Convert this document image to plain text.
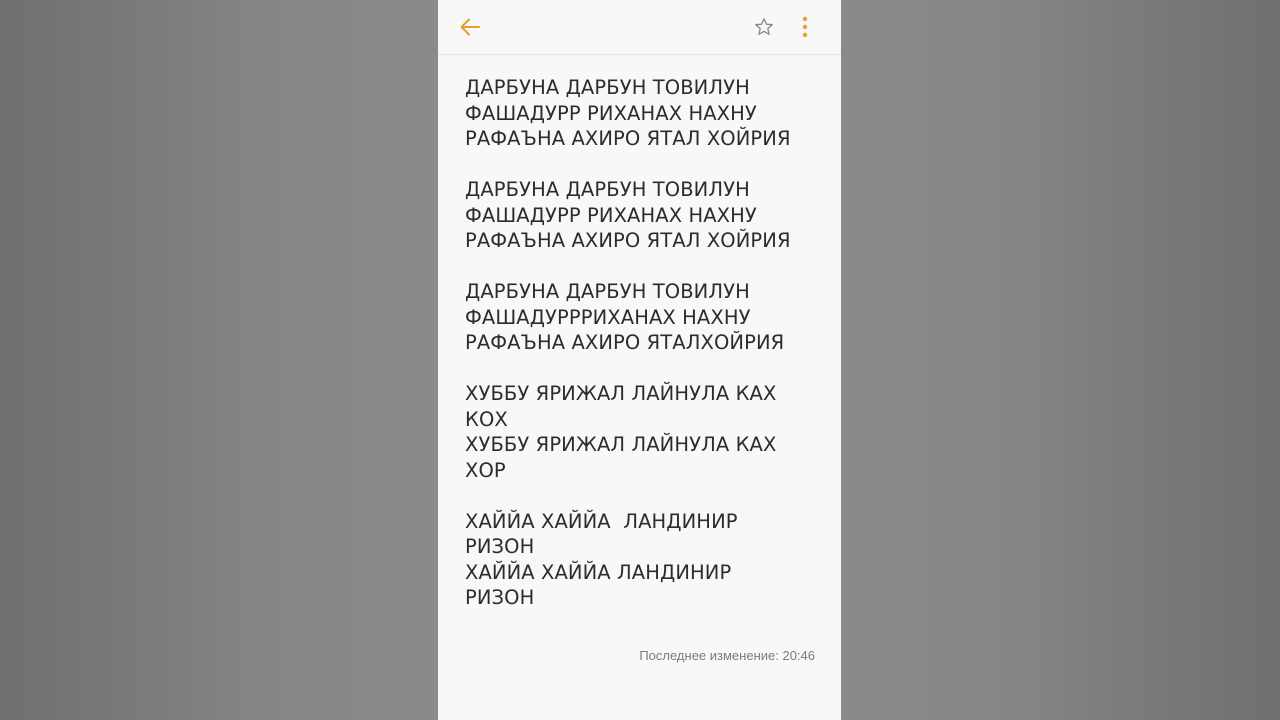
ДАРБУНА ДАРБУН ТОВИЛУН
ФАШАДУРР РИХАНАХ НАХНУ
РАФАЪНА АХИРО ЯТАЛ ХОЙРИЯ
ДАРБУНА ДАРБУН ТОВИЛУН
ФАШАДУРР РИХАНАХ НАХНУ
РАФАЪНА АХИРО ЯТАЛ ХОЙРИЯ
ДАРБУНА ДАРБУН ТОВИЛУН
ФАШАДУРРРИХАНАХ НАХНУ
РАФАЪНА АХИРО ЯТАЛХОЙРИЯ
ХУББУ ЯРИЖАЛ ЛАЙНУЛА КАХ
КОХ
ХУББУ ЯРИЖАЛ ЛАЙНУЛА КАХ
ХОР
ХАЙЙА ХАЙЙА  ЛАНДИНИР
РИЗОН
ХАЙЙА ХАЙЙА ЛАНДИНИР
РИЗОН
Последнее изменение: 20:46
